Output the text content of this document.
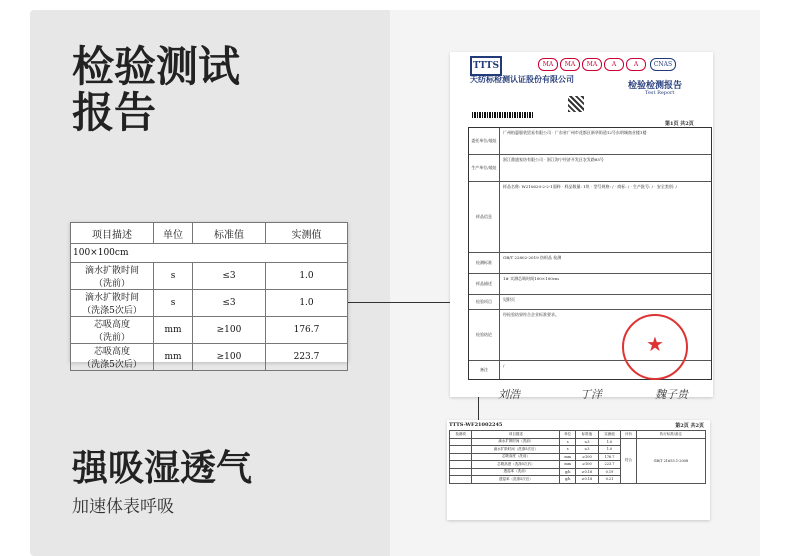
检验测试
报告
强吸湿透气
加速体表呼吸
项目描述	单位	标准值	实测值
100×100cm			
滴水扩散时间
（洗前）	s	≤3	1.0
滴水扩散时间
（洗涤5次后）	s	≤3	1.0
芯吸高度
（洗前）	mm	≥100	176.7
芯吸高度
（洗涤5次后）	mm	≥100	223.7
TTTS	MA	MA	MA	A	A	CNAS
天纺标检测认证股份有限公司
检验检测报告
Test Report
第1页 共2页
委托单位/地址
广州柏惠服装贸易有限公司 · 广东省广州市花都区新华街道12号东明城商业楼1楼
生产单位/地址
浙江鼎盛家纺有限公司 · 浙江海宁经济开发区农发路85号
样品信息
样品名称: W210620-2-2-1面料 · 样品数量: 1块 · 型号规格: / · 商标: / · 生产批号: / · 安全类别: /
检测标准
GB/T 22802-2019 纺织品 检测
样品描述
1# 实测芯吸时间100×100cm
检验项目	见附页
检验结论
经检验结果符合企业标准要求。
备注
/
★
刘浩	丁洋	魏子贵
TTTS-WF21002245	第2页 共2页
检测项	项目描述	单位	标准值	实测值	评价	执行标准/备注
	滴水扩散时间（洗前）	s	≤3	1.0	符合	GB/T 21655.1-2008
	滴水扩散时间（洗涤5次后）	s	≤3	1.0		
	芯吸高度（洗前）	mm	≥100	176.7		
	芯吸高度（洗涤5次后）	mm	≥100	223.7		
	透湿率（洗前）	g/h	≥0.18	0.19		
	透湿率（洗涤5次后）	g/h	≥0.18	0.21		
